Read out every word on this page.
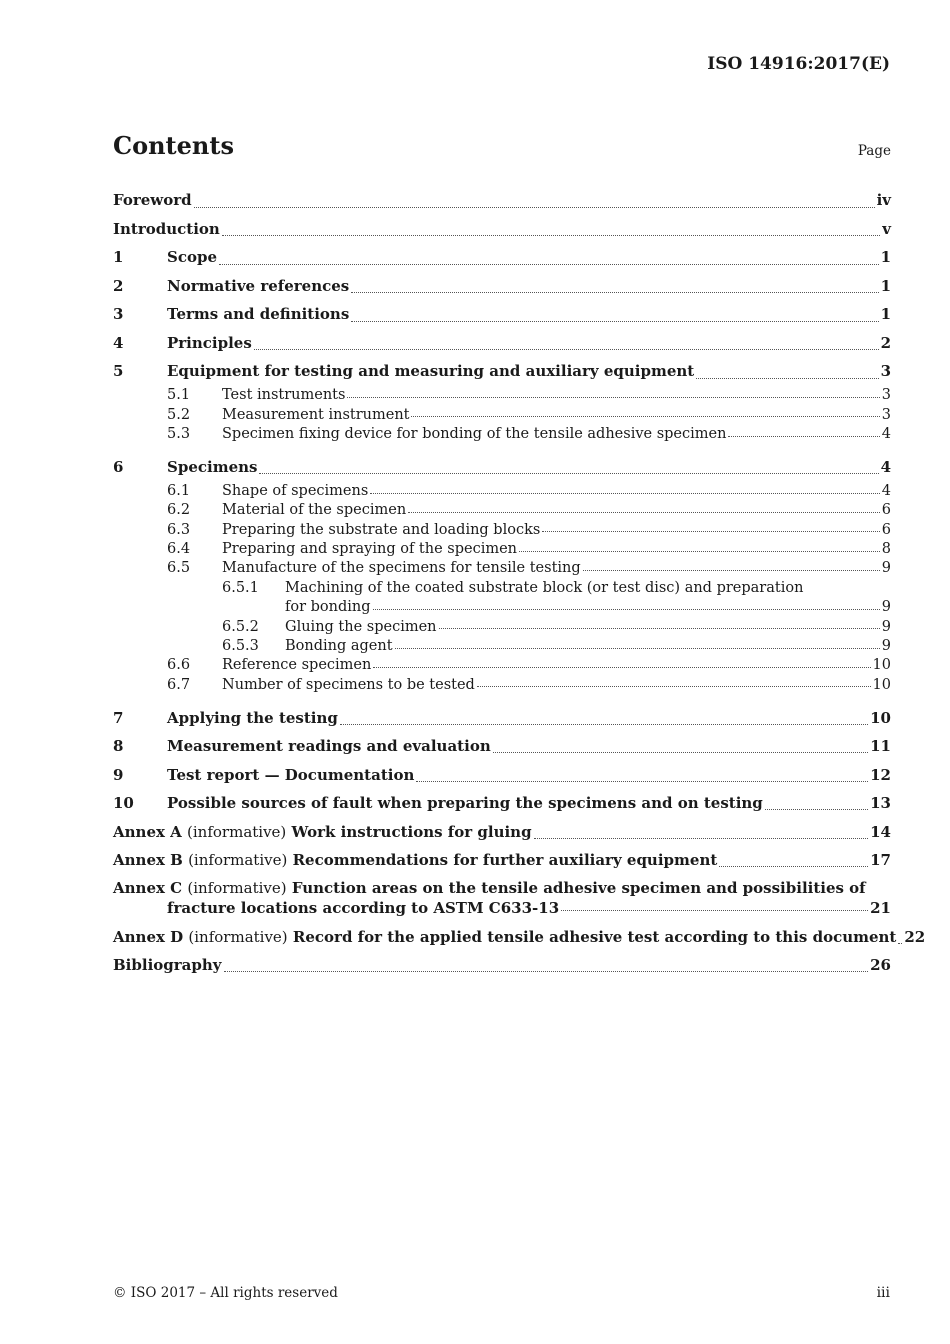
ISO 14916:2017(E)
Contents	Page
Foreword	iv
Introduction	v
1	Scope	1
2	Normative references	1
3	Terms and definitions	1
4	Principles	2
5	Equipment for testing and measuring and auxiliary equipment	3
5.1	Test instruments	3
5.2	Measurement instrument	3
5.3	Specimen fixing device for bonding of the tensile adhesive specimen	4
6	Specimens	4
6.1	Shape of specimens	4
6.2	Material of the specimen	6
6.3	Preparing the substrate and loading blocks	6
6.4	Preparing and spraying of the specimen	8
6.5	Manufacture of the specimens for tensile testing	9
6.5.1	Machining of the coated substrate block (or test disc) and preparation
for bonding	9
6.5.2	Gluing the specimen	9
6.5.3	Bonding agent	9
6.6	Reference specimen	10
6.7	Number of specimens to be tested	10
7	Applying the testing	10
8	Measurement readings and evaluation	11
9	Test report — Documentation	12
10	Possible sources of fault when preparing the specimens and on testing	13
Annex A (informative) Work instructions for gluing	14
Annex B (informative) Recommendations for further auxiliary equipment	17
Annex C (informative) Function areas on the tensile adhesive specimen and possibilities of
fracture locations according to ASTM C633-13	21
Annex D (informative) Record for the applied tensile adhesive test according to this document 22
Bibliography	26
© ISO 2017 – All rights reserved	iii
